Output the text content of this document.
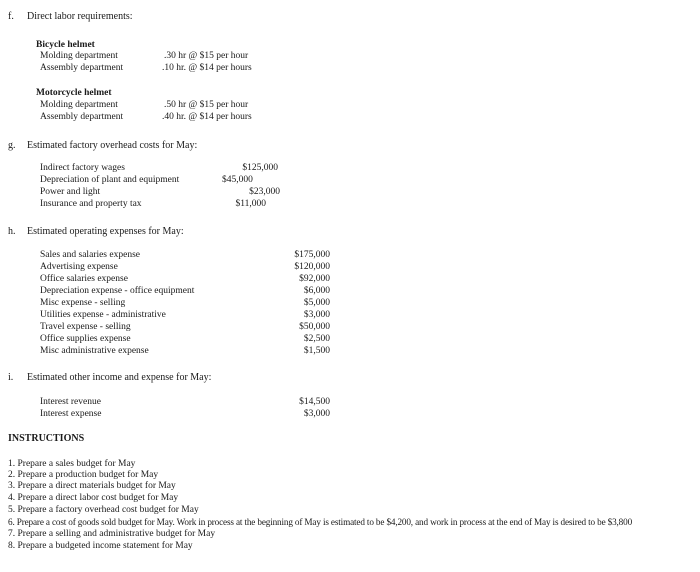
f. Direct labor requirements:
Bicycle helmet
Molding department	.30 hr @ $15 per hour
Assembly department	.10 hr. @ $14 per hours
Motorcycle helmet
Molding department	.50 hr @ $15 per hour
Assembly department	.40 hr. @ $14 per hours
g. Estimated factory overhead costs for May:
Indirect factory wages	$125,000
Depreciation of plant and equipment	$45,000
Power and light	$23,000
Insurance and property tax	$11,000
h. Estimated operating expenses for May:
Sales and salaries expense	$175,000
Advertising expense	$120,000
Office salaries expense	$92,000
Depreciation expense - office equipment	$6,000
Misc expense - selling	$5,000
Utilities expense - administrative	$3,000
Travel expense - selling	$50,000
Office supplies expense	$2,500
Misc administrative expense	$1,500
i. Estimated other income and expense for May:
Interest revenue	$14,500
Interest expense	$3,000
INSTRUCTIONS
1. Prepare a sales budget for May
2. Prepare a production budget for May
3. Prepare a direct materials budget for May
4. Prepare a direct labor cost budget for May
5. Prepare a factory overhead cost budget for May
6. Prepare a cost of goods sold budget for May. Work in process at the beginning of May is estimated to be $4,200, and work in process at the end of May is desired to be $3,800
7. Prepare a selling and administrative budget for May
8. Prepare a budgeted income statement for May
